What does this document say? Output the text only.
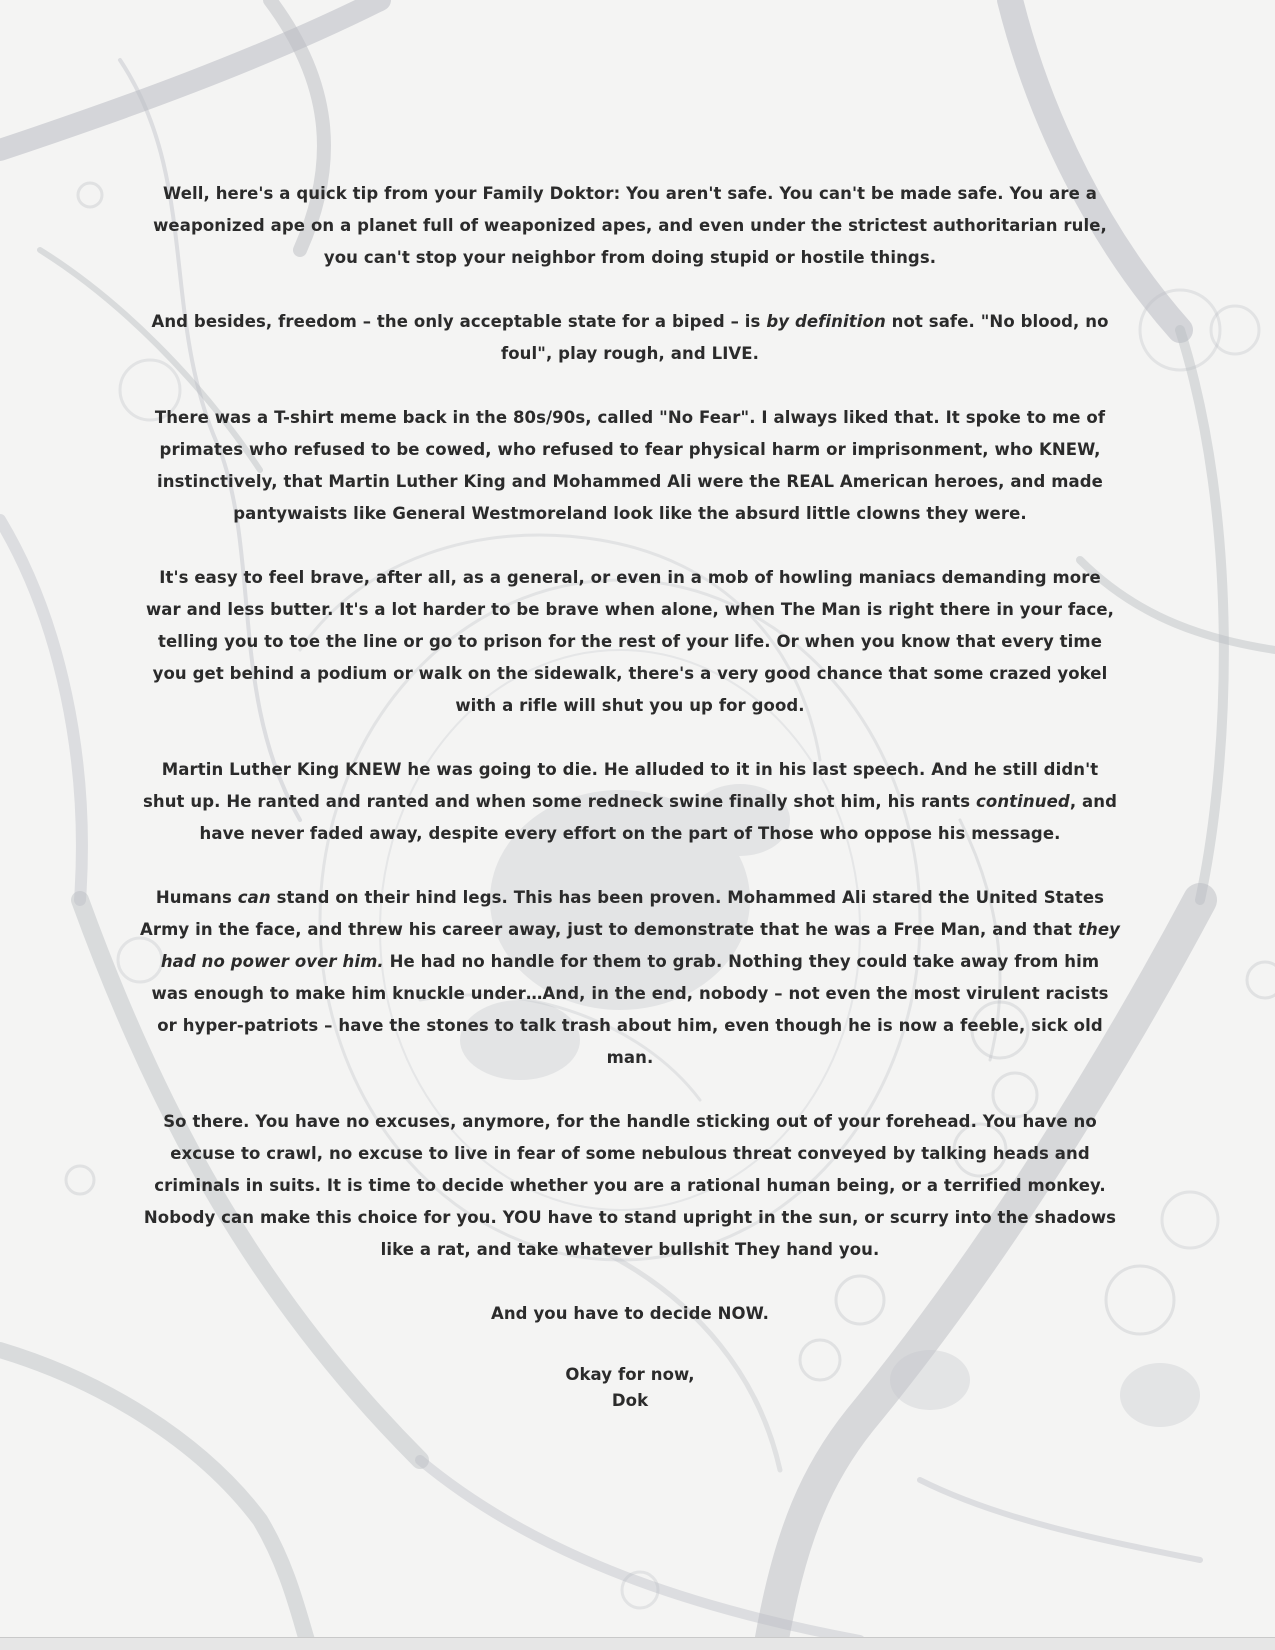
Well, here's a quick tip from your Family Doktor: You aren't safe. You can't be made safe. You are a weaponized ape on a planet full of weaponized apes, and even under the strictest authoritarian rule, you can't stop your neighbor from doing stupid or hostile things.

And besides, freedom – the only acceptable state for a biped – is by definition not safe. "No blood, no foul", play rough, and LIVE.

There was a T-shirt meme back in the 80s/90s, called "No Fear". I always liked that. It spoke to me of primates who refused to be cowed, who refused to fear physical harm or imprisonment, who KNEW, instinctively, that Martin Luther King and Mohammed Ali were the REAL American heroes, and made pantywaists like General Westmoreland look like the absurd little clowns they were.

It's easy to feel brave, after all, as a general, or even in a mob of howling maniacs demanding more war and less butter. It's a lot harder to be brave when alone, when The Man is right there in your face, telling you to toe the line or go to prison for the rest of your life. Or when you know that every time you get behind a podium or walk on the sidewalk, there's a very good chance that some crazed yokel with a rifle will shut you up for good.

Martin Luther King KNEW he was going to die. He alluded to it in his last speech. And he still didn't shut up. He ranted and ranted and when some redneck swine finally shot him, his rants continued, and have never faded away, despite every effort on the part of Those who oppose his message.

Humans can stand on their hind legs. This has been proven. Mohammed Ali stared the United States Army in the face, and threw his career away, just to demonstrate that he was a Free Man, and that they had no power over him. He had no handle for them to grab. Nothing they could take away from him was enough to make him knuckle under…And, in the end, nobody – not even the most virulent racists or hyper-patriots – have the stones to talk trash about him, even though he is now a feeble, sick old man.

So there. You have no excuses, anymore, for the handle sticking out of your forehead. You have no excuse to crawl, no excuse to live in fear of some nebulous threat conveyed by talking heads and criminals in suits. It is time to decide whether you are a rational human being, or a terrified monkey. Nobody can make this choice for you. YOU have to stand upright in the sun, or scurry into the shadows like a rat, and take whatever bullshit They hand you.

And you have to decide NOW.

Okay for now,

Dok
